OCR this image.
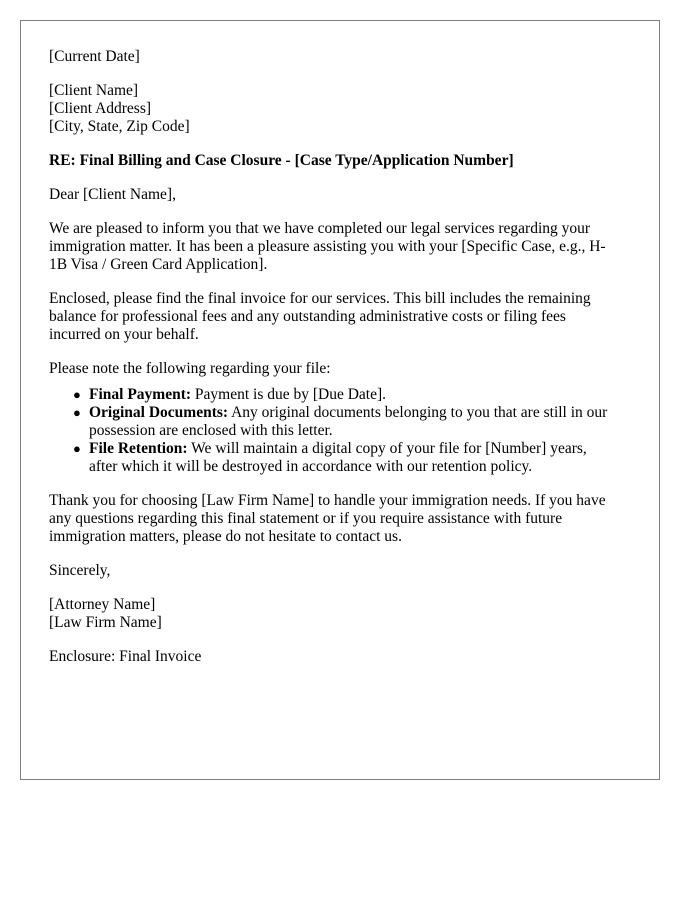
[Current Date]
[Client Name]
[Client Address]
[City, State, Zip Code]
RE: Final Billing and Case Closure - [Case Type/Application Number]
Dear [Client Name],
We are pleased to inform you that we have completed our legal services regarding your
immigration matter. It has been a pleasure assisting you with your [Specific Case, e.g., H-
1B Visa / Green Card Application].
Enclosed, please find the final invoice for our services. This bill includes the remaining
balance for professional fees and any outstanding administrative costs or filing fees
incurred on your behalf.
Please note the following regarding your file:
● Final Payment: Payment is due by [Due Date].
● Original Documents: Any original documents belonging to you that are still in our
possession are enclosed with this letter.
● File Retention: We will maintain a digital copy of your file for [Number] years,
after which it will be destroyed in accordance with our retention policy.
Thank you for choosing [Law Firm Name] to handle your immigration needs. If you have
any questions regarding this final statement or if you require assistance with future
immigration matters, please do not hesitate to contact us.
Sincerely,
[Attorney Name]
[Law Firm Name]
Enclosure: Final Invoice
